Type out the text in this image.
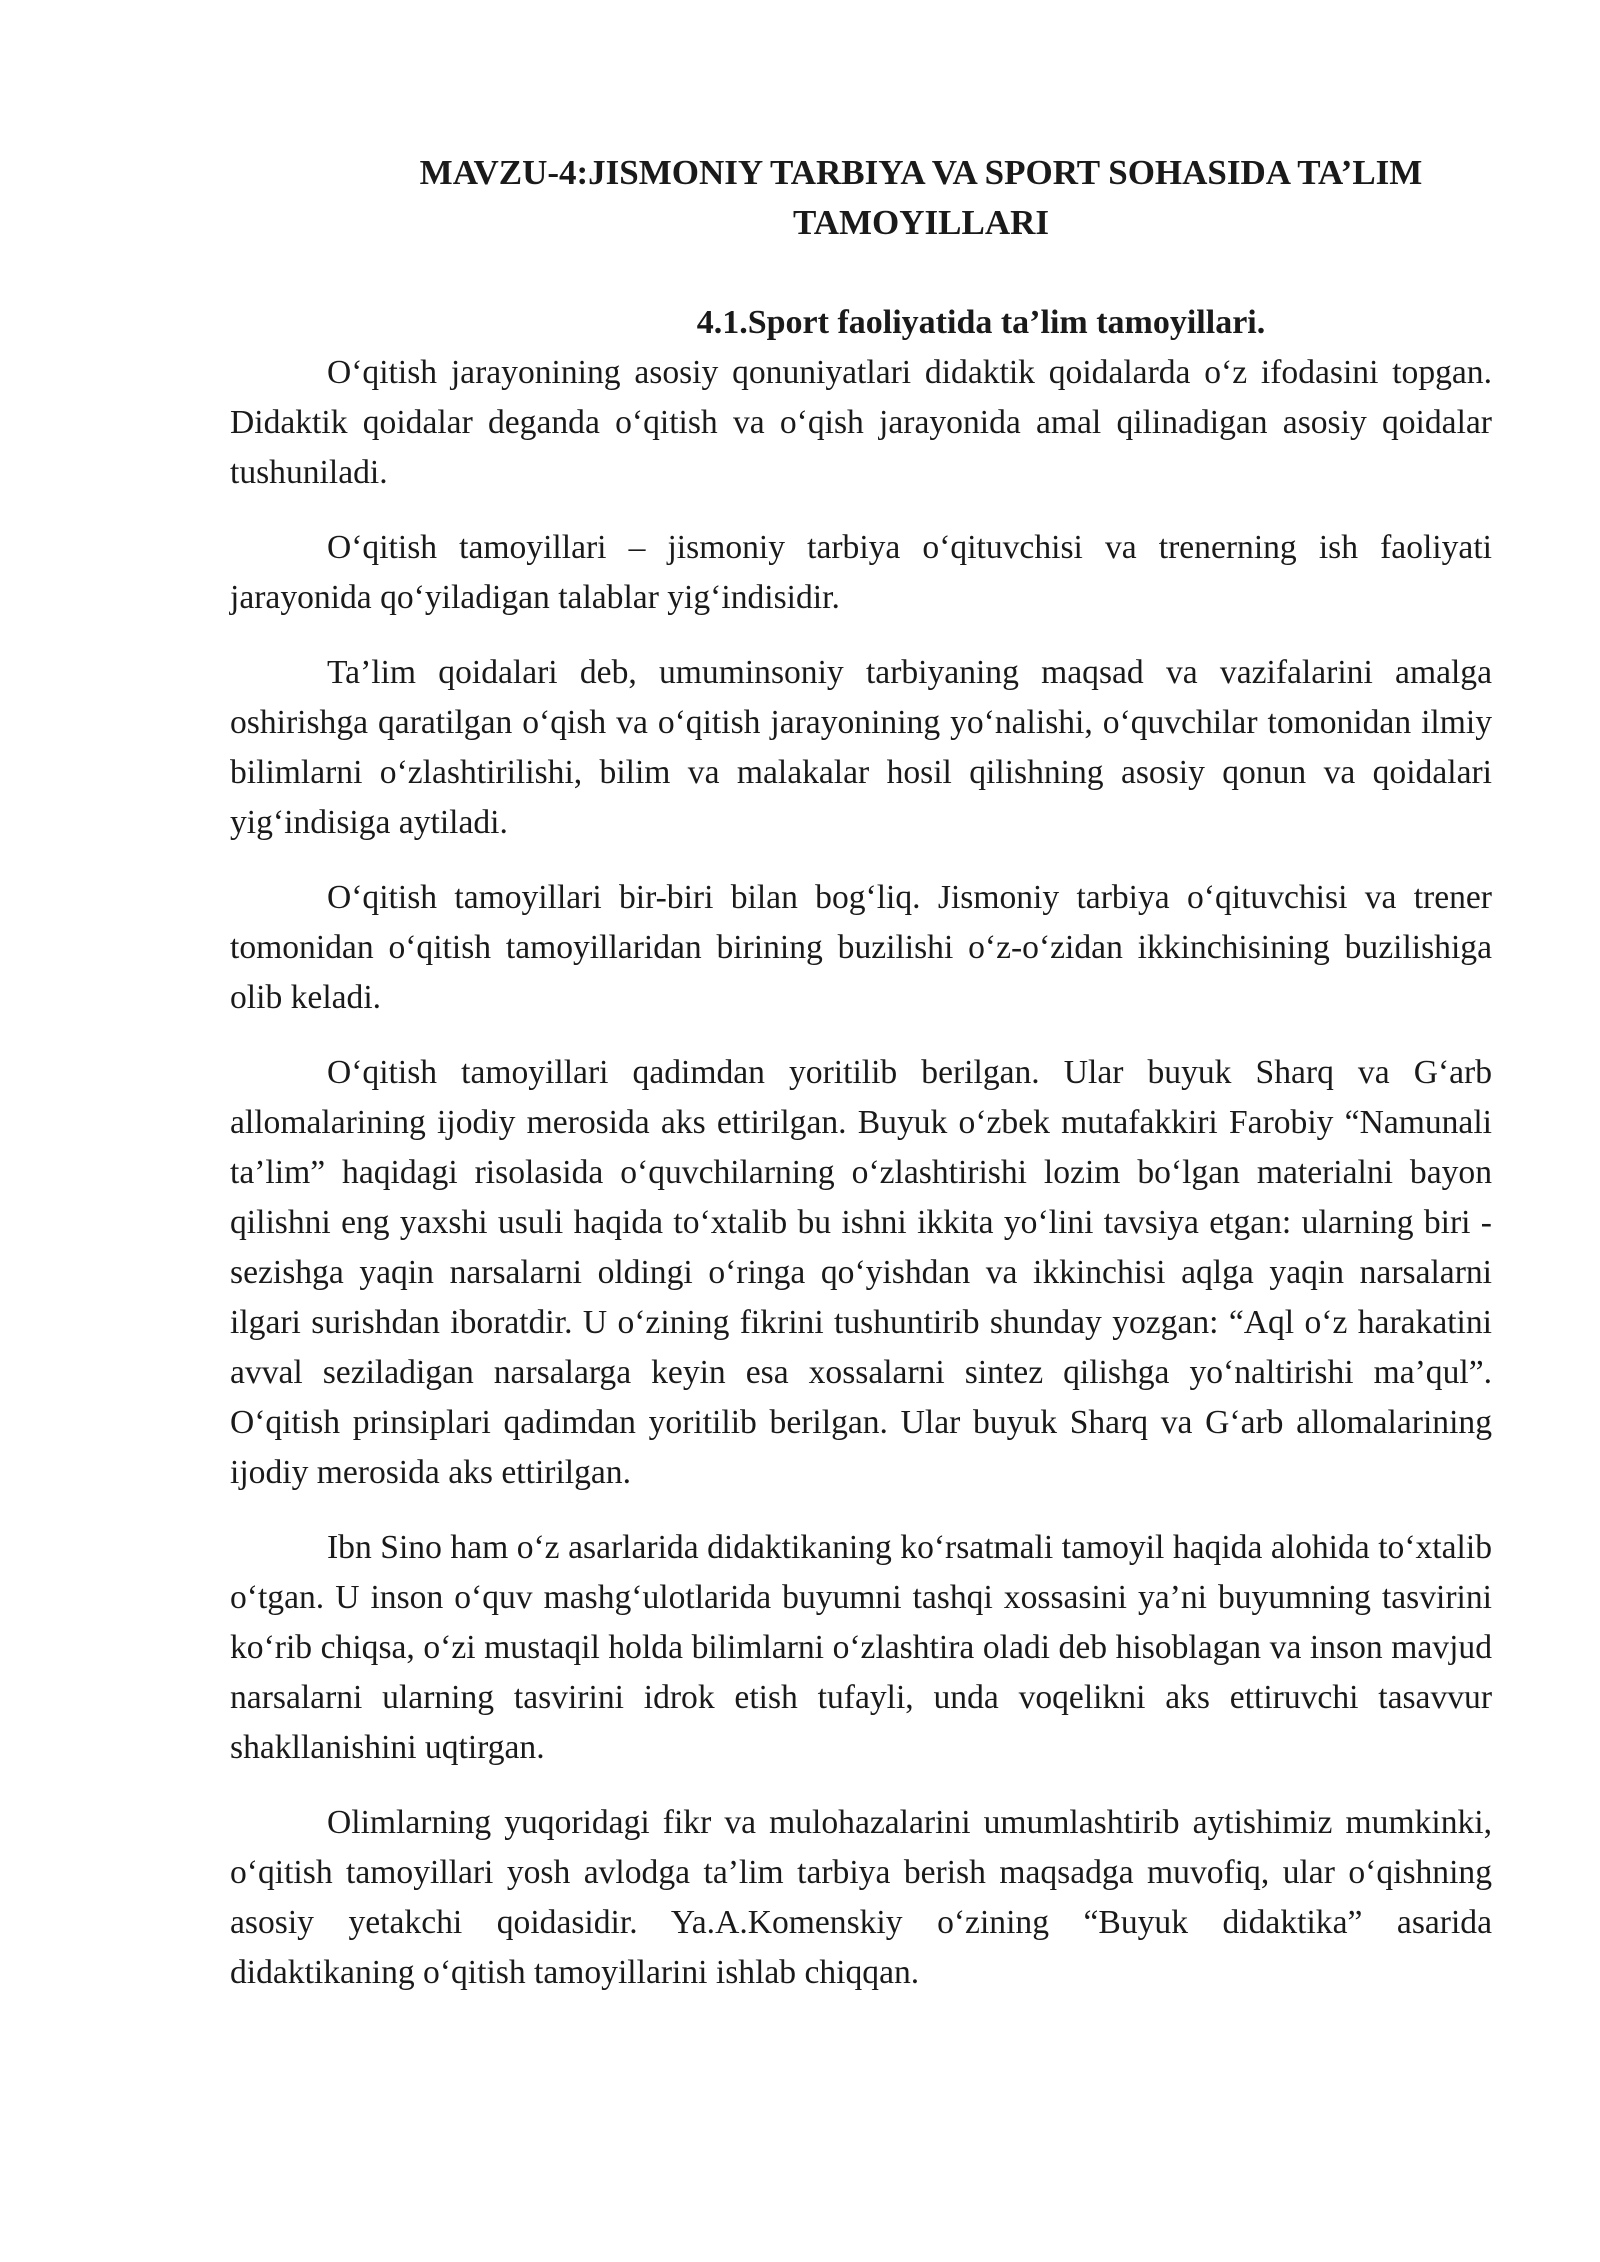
MAVZU-4:JISMONIY TARBIYA VA SPORT SOHASIDA TA’LIM TAMOYILLARI
4.1.Sport faoliyatida ta’lim tamoyillari.

O‘qitish jarayonining asosiy qonuniyatlari didaktik qoidalarda o‘z ifodasini topgan. Didaktik qoidalar deganda o‘qitish va o‘qish jarayonida amal qilinadigan asosiy qoidalar tushuniladi.

O‘qitish tamoyillari – jismoniy tarbiya o‘qituvchisi va trenerning ish faoliyati jarayonida qo‘yiladigan talablar yig‘indisidir.

Ta’lim qoidalari deb, umuminsoniy tarbiyaning maqsad va vazifalarini amalga oshirishga qaratilgan o‘qish va o‘qitish jarayonining yo‘nalishi, o‘quvchilar tomonidan ilmiy bilimlarni o‘zlashtirilishi, bilim va malakalar hosil qilishning asosiy qonun va qoidalari yig‘indisiga aytiladi.

O‘qitish tamoyillari bir-biri bilan bog‘liq. Jismoniy tarbiya o‘qituvchisi va trener tomonidan o‘qitish tamoyillaridan birining buzilishi o‘z-o‘zidan ikkinchisining buzilishiga olib keladi.

O‘qitish tamoyillari qadimdan yoritilib berilgan. Ular buyuk Sharq va G‘arb allomalarining ijodiy merosida aks ettirilgan. Buyuk o‘zbek mutafakkiri Farobiy “Namunali ta’lim” haqidagi risolasida o‘quvchilarning o‘zlashtirishi lozim bo‘lgan materialni bayon qilishni eng yaxshi usuli haqida to‘xtalib bu ishni ikkita yo‘lini tavsiya etgan: ularning biri - sezishga yaqin narsalarni oldingi o‘ringa qo‘yishdan va ikkinchisi aqlga yaqin narsalarni ilgari surishdan iboratdir. U o‘zining fikrini tushuntirib shunday yozgan: “Aql o‘z harakatini avval seziladigan narsalarga keyin esa xossalarni sintez qilishga yo‘naltirishi ma’qul”. O‘qitish prinsiplari qadimdan yoritilib berilgan. Ular buyuk Sharq va G‘arb allomalarining ijodiy merosida aks ettirilgan.

Ibn Sino ham o‘z asarlarida didaktikaning ko‘rsatmali tamoyil haqida alohida to‘xtalib o‘tgan. U inson o‘quv mashg‘ulotlarida buyumni tashqi xossasini ya’ni buyumning tasvirini ko‘rib chiqsa, o‘zi mustaqil holda bilimlarni o‘zlashtira oladi deb hisoblagan va inson mavjud narsalarni ularning tasvirini idrok etish tufayli, unda voqelikni aks ettiruvchi tasavvur shakllanishini uqtirgan.

Olimlarning yuqoridagi fikr va mulohazalarini umumlashtirib aytishimiz mumkinki, o‘qitish tamoyillari yosh avlodga ta’lim tarbiya berish maqsadga muvofiq, ular o‘qishning asosiy yetakchi qoidasidir. Ya.A.Komenskiy o‘zining “Buyuk didaktika” asarida didaktikaning o‘qitish tamoyillarini ishlab chiqqan.
